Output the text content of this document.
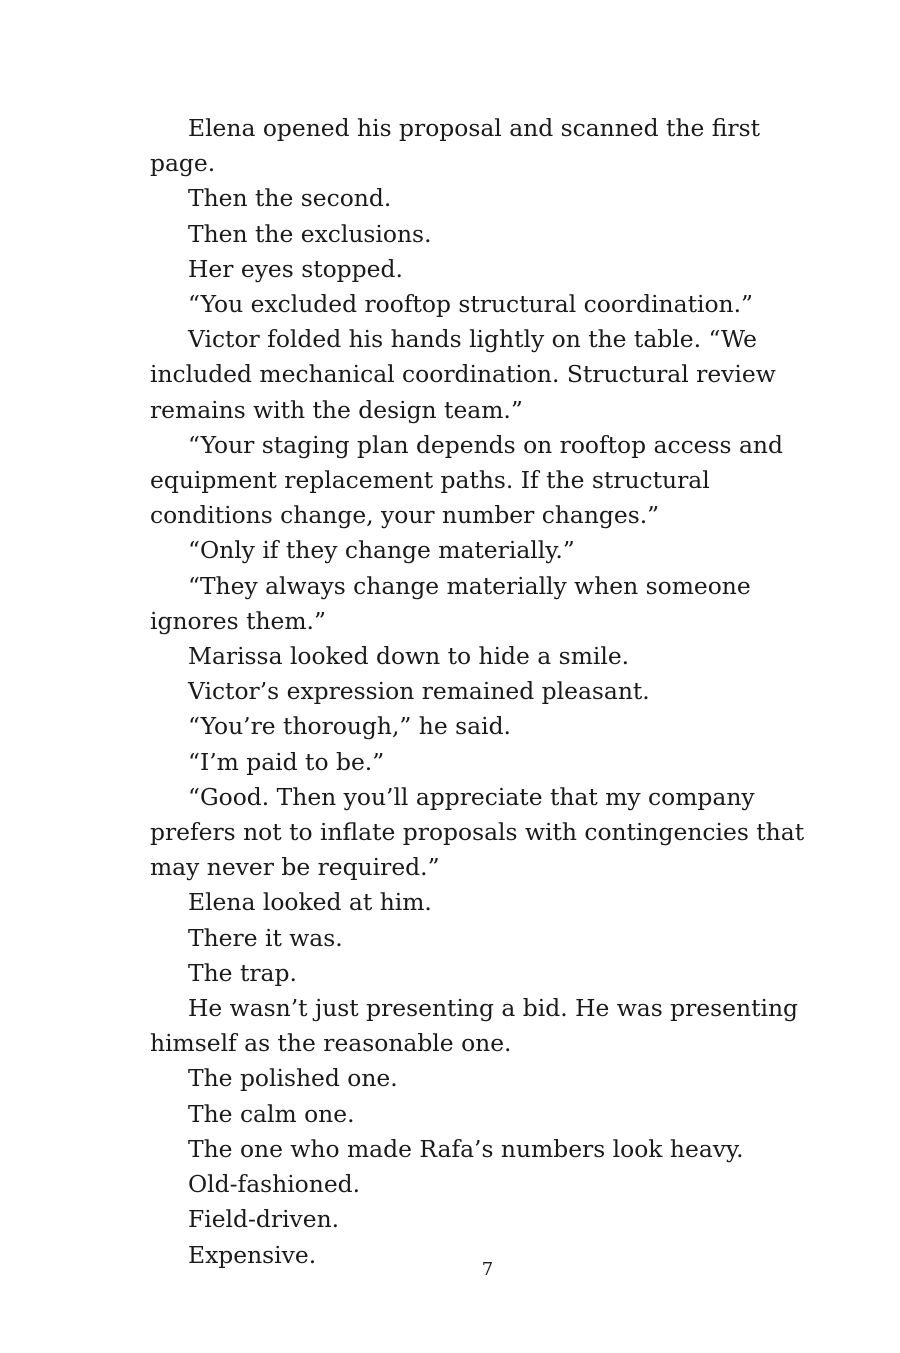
Elena opened his proposal and scanned the first page.

Then the second.

Then the exclusions.

Her eyes stopped.

“You excluded rooftop structural coordination.”

Victor folded his hands lightly on the table. “We included mechanical coordination. Structural review remains with the design team.”

“Your staging plan depends on rooftop access and equipment replacement paths. If the structural conditions change, your number changes.”

“Only if they change materially.”

“They always change materially when someone ignores them.”

Marissa looked down to hide a smile.

Victor’s expression remained pleasant.

“You’re thorough,” he said.

“I’m paid to be.”

“Good. Then you’ll appreciate that my company prefers not to inflate proposals with contingencies that may never be required.”

Elena looked at him.

There it was.

The trap.

He wasn’t just presenting a bid. He was presenting himself as the reasonable one.

The polished one.

The calm one.

The one who made Rafa’s numbers look heavy.

Old-fashioned.

Field-driven.

Expensive.

7
